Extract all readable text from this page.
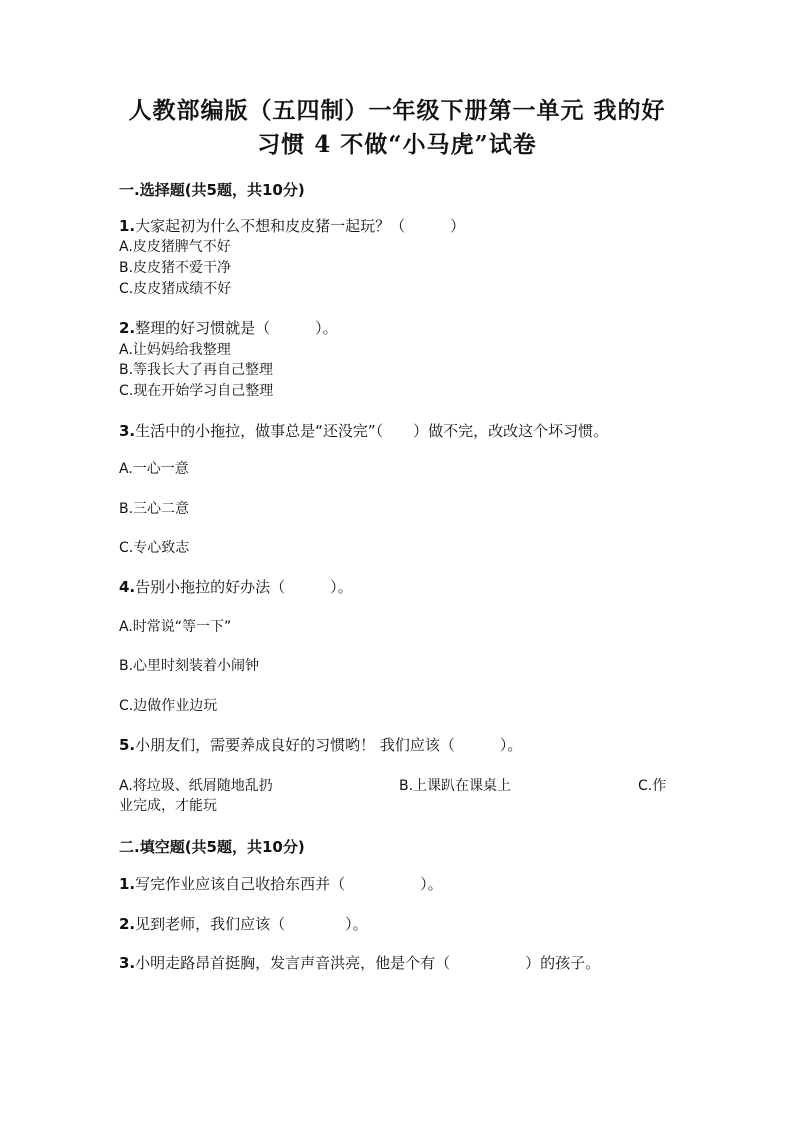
人教部编版（五四制）一年级下册第一单元 我的好
习惯 4 不做“小马虎”试卷
一.选择题(共5题，共10分)
1.大家起初为什么不想和皮皮猪一起玩？（　　　）
A.皮皮猪脾气不好
B.皮皮猪不爱干净
C.皮皮猪成绩不好
2.整理的好习惯就是（　　　）。
A.让妈妈给我整理
B.等我长大了再自己整理
C.现在开始学习自己整理
3.生活中的小拖拉，做事总是“还没完”（　　）做不完，改改这个坏习惯。
A.一心一意
B.三心二意
C.专心致志
4.告别小拖拉的好办法（　　　）。
A.时常说“等一下”
B.心里时刻装着小闹钟
C.边做作业边玩
5.小朋友们，需要养成良好的习惯哟！ 我们应该（　　　）。
A.将垃圾、纸屑随地乱扔	B.上课趴在课桌上	C.作
业完成，才能玩
二.填空题(共5题，共10分)
1.写完作业应该自己收拾东西并（　　　　　）。
2.见到老师，我们应该（　　　　）。
3.小明走路昂首挺胸，发言声音洪亮，他是个有（　　　　　）的孩子。
